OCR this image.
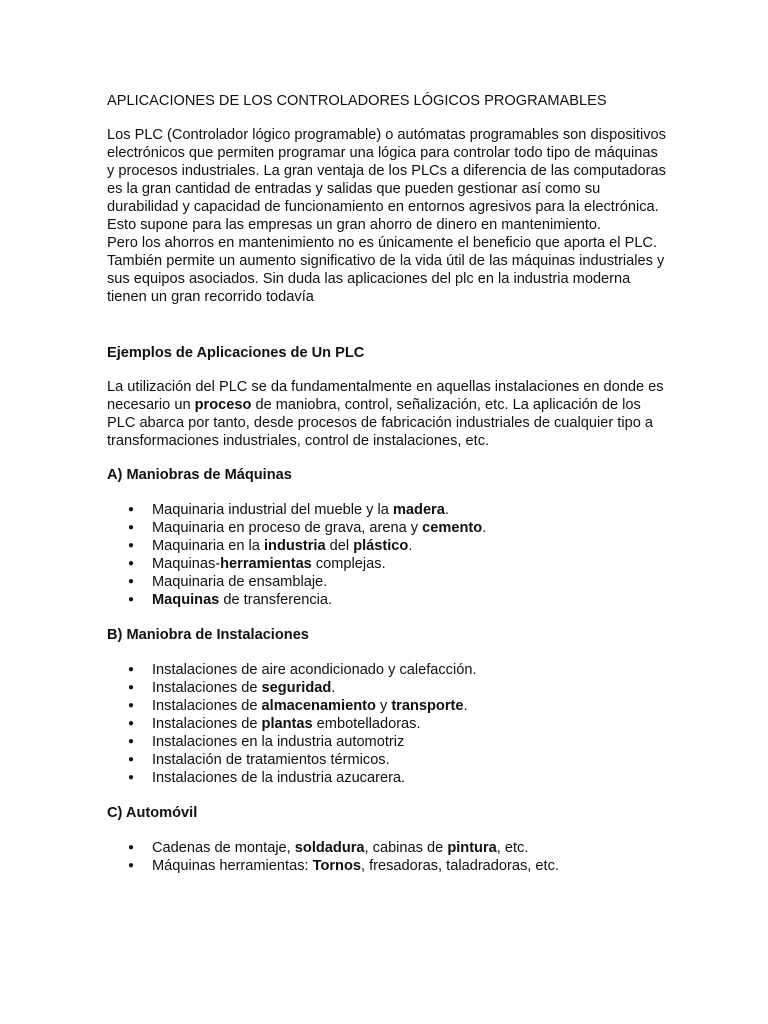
APLICACIONES DE LOS CONTROLADORES LÓGICOS PROGRAMABLES

Los PLC (Controlador lógico programable) o autómatas programables son dispositivos electrónicos que permiten programar una lógica para controlar todo tipo de máquinas y procesos industriales. La gran ventaja de los PLCs a diferencia de las computadoras es la gran cantidad de entradas y salidas que pueden gestionar así como su durabilidad y capacidad de funcionamiento en entornos agresivos para la electrónica.

Esto supone para las empresas un gran ahorro de dinero en mantenimiento.

Pero los ahorros en mantenimiento no es únicamente el beneficio que aporta el PLC. También permite un aumento significativo de la vida útil de las máquinas industriales y sus equipos asociados. Sin duda las aplicaciones del plc en la industria moderna tienen un gran recorrido todavía

Ejemplos de Aplicaciones de Un PLC

La utilización del PLC se da fundamentalmente en aquellas instalaciones en donde es necesario un proceso de maniobra, control, señalización, etc. La aplicación de los PLC abarca por tanto, desde procesos de fabricación industriales de cualquier tipo a transformaciones industriales, control de instalaciones, etc.

A) Maniobras de Máquinas
● Maquinaria industrial del mueble y la madera.
● Maquinaria en proceso de grava, arena y cemento.
● Maquinaria en la industria del plástico.
● Maquinas-herramientas complejas.
● Maquinaria de ensamblaje.
● Maquinas de transferencia.
B) Maniobra de Instalaciones
● Instalaciones de aire acondicionado y calefacción.
● Instalaciones de seguridad.
● Instalaciones de almacenamiento y transporte.
● Instalaciones de plantas embotelladoras.
● Instalaciones en la industria automotriz
● Instalación de tratamientos térmicos.
● Instalaciones de la industria azucarera.
C) Automóvil
● Cadenas de montaje, soldadura, cabinas de pintura, etc.
● Máquinas herramientas: Tornos, fresadoras, taladradoras, etc.
